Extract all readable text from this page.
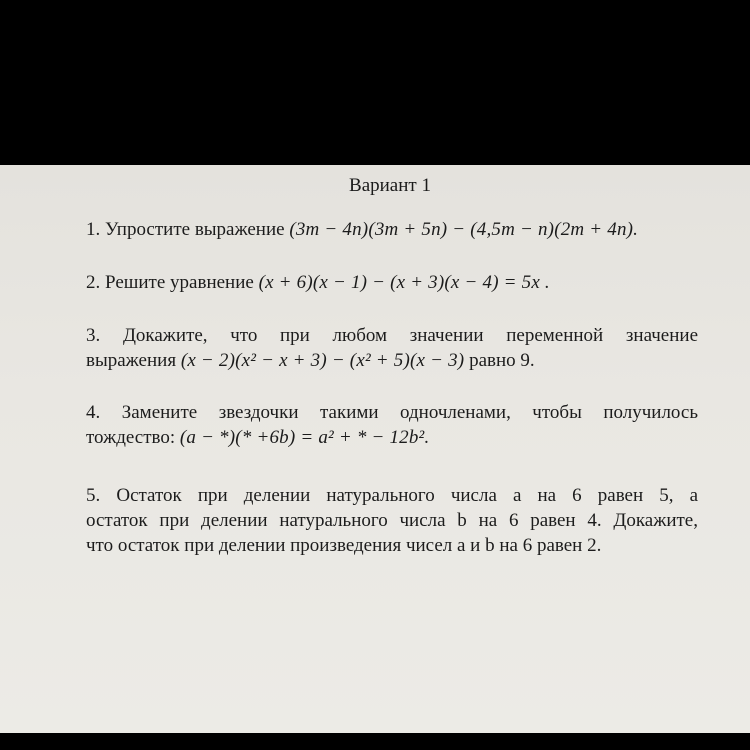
Вариант 1
1. Упростите выражение (3m − 4n)(3m + 5n) − (4,5m − n)(2m + 4n).
2. Решите уравнение (x + 6)(x − 1) − (x + 3)(x − 4) = 5x .
3. Докажите, что при любом значении переменной значение
выражения (x − 2)(x² − x + 3) − (x² + 5)(x − 3) равно 9.
4. Замените звездочки такими одночленами, чтобы получилось
тождество: (a − *)(* +6b) = a² + * − 12b².
5. Остаток при делении натурального числа a на 6 равен 5, а
остаток при делении натурального числа b на 6 равен 4. Докажите,
что остаток при делении произведения чисел a и b на 6 равен 2.
